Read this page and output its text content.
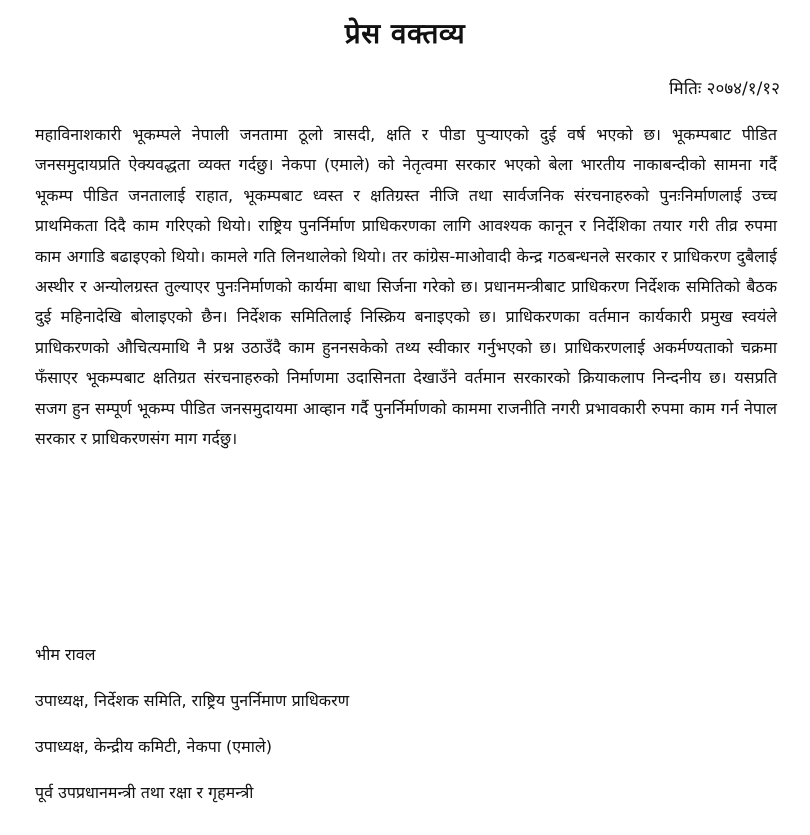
प्रेस वक्तव्य
मितिः २०७४/१/१२

महाविनाशकारी भूकम्पले नेपाली जनतामा ठूलो त्रासदी, क्षति र पीडा पुऱ्याएको दुई वर्ष भएको छ। भूकम्पबाट पीडित जनसमुदायप्रति ऐक्यवद्धता व्यक्त गर्दछु। नेकपा (एमाले) को नेतृत्वमा सरकार भएको बेला भारतीय नाकाबन्दीको सामना गर्दै भूकम्प पीडित जनतालाई राहात, भूकम्पबाट ध्वस्त र क्षतिग्रस्त नीजि तथा सार्वजनिक संरचनाहरुको पुनःनिर्माणलाई उच्च प्राथमिकता दिदै काम गरिएको थियो। राष्ट्रिय पुनर्निर्माण प्राधिकरणका लागि आवश्यक कानून र निर्देशिका तयार गरी तीव्र रुपमा काम अगाडि बढाइएको थियो। कामले गति लिनथालेको थियो। तर कांग्रेस-माओवादी केन्द्र गठबन्धनले सरकार र प्राधिकरण दुबैलाई अस्थीर र अन्योलग्रस्त तुल्याएर पुनःनिर्माणको कार्यमा बाधा सिर्जना गरेको छ। प्रधानमन्त्रीबाट प्राधिकरण निर्देशक समितिको बैठक दुई महिनादेखि बोलाइएको छैन। निर्देशक समितिलाई निस्क्रिय बनाइएको छ। प्राधिकरणका वर्तमान कार्यकारी प्रमुख स्वयंले प्राधिकरणको औचित्यमाथि नै प्रश्न उठाउँदै काम हुननसकेको तथ्य स्वीकार गर्नुभएको छ। प्राधिकरणलाई अकर्मण्यताको चक्रमा फँसाएर भूकम्पबाट क्षतिग्रत संरचनाहरुको निर्माणमा उदासिनता देखाउँने वर्तमान सरकारको क्रियाकलाप निन्दनीय छ। यसप्रति सजग हुन सम्पूर्ण भूकम्प पीडित जनसमुदायमा आव्हान गर्दै पुनर्निर्माणको काममा राजनीति नगरी प्रभावकारी रुपमा काम गर्न नेपाल सरकार र प्राधिकरणसंग माग गर्दछु।

भीम रावल

उपाध्यक्ष, निर्देशक समिति, राष्ट्रिय पुनर्निमाण प्राधिकरण

उपाध्यक्ष, केन्द्रीय कमिटी, नेकपा (एमाले)

पूर्व उपप्रधानमन्त्री तथा रक्षा र गृहमन्त्री
